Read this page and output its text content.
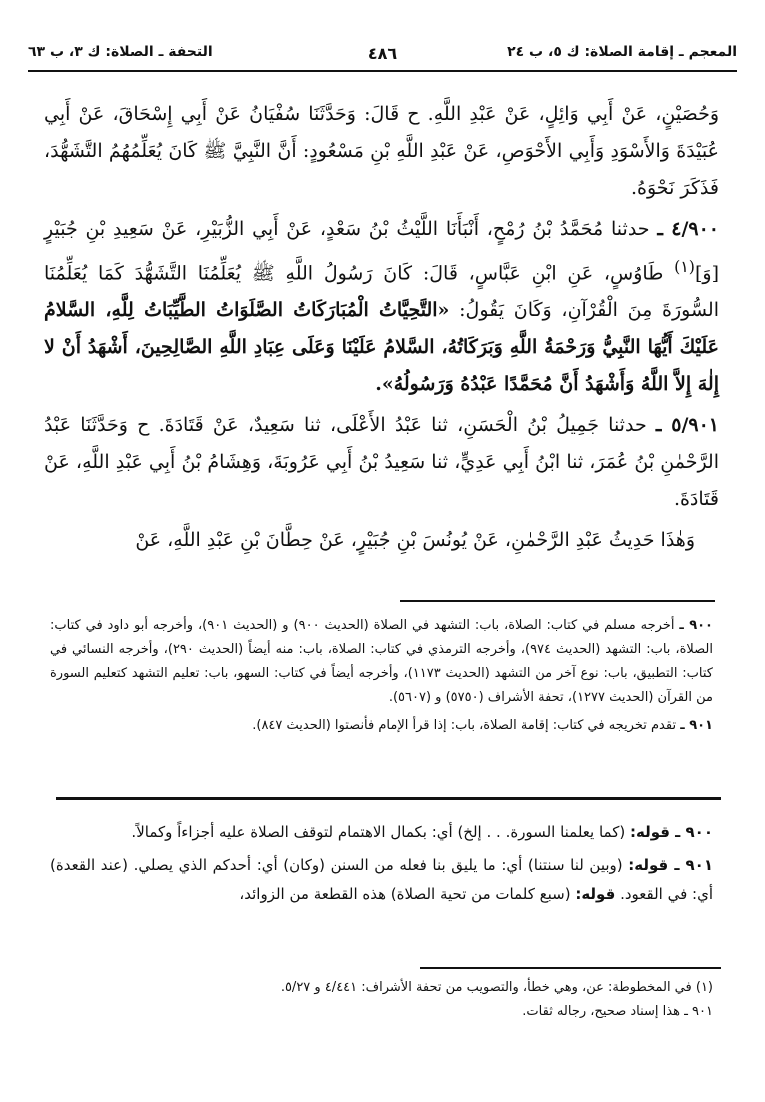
المعجم ـ إقامة الصلاة: ك ٥، ب ٢٤
٤٨٦
التحفة ـ الصلاة: ك ٣، ب ٦٣

وَحُصَيْنٍ، عَنْ أَبِي وَائِلٍ، عَنْ عَبْدِ اللَّهِ. ح قَالَ: وَحَدَّثَنَا سُفْيَانُ عَنْ أَبِي إِسْحَاقَ، عَنْ أَبِي عُبَيْدَةَ وَالأَسْوَدِ وَأَبِي الأَحْوَصِ، عَنْ عَبْدِ اللَّهِ بْنِ مَسْعُودٍ: أَنَّ النَّبِيَّ ﷺ كَانَ يُعَلِّمُهُمُ التَّشَهُّدَ، فَذَكَرَ نَحْوَهُ.

٤/٩٠٠ ـ حدثنا مُحَمَّدُ بْنُ رُمْحٍ، أَنْبَأَنَا اللَّيْثُ بْنُ سَعْدٍ، عَنْ أَبِي الزُّبَيْرِ، عَنْ سَعِيدِ بْنِ جُبَيْرٍ [وَ]$^{(١)}$ طَاوُسٍ، عَنِ ابْنِ عَبَّاسٍ، قَالَ: كَانَ رَسُولُ اللَّهِ ﷺ يُعَلِّمُنَا التَّشَهُّدَ كَمَا يُعَلِّمُنَا السُّورَةَ مِنَ الْقُرْآنِ، وَكَانَ يَقُولُ: «التَّحِيَّاتُ الْمُبَارَكَاتُ الصَّلَوَاتُ الطَّيِّبَاتُ لِلَّهِ، السَّلامُ عَلَيْكَ أَيُّهَا النَّبِيُّ وَرَحْمَةُ اللَّهِ وَبَرَكَاتُهُ، السَّلامُ عَلَيْنَا وَعَلَى عِبَادِ اللَّهِ الصَّالِحِينَ، أَشْهَدُ أَنْ لا إِلٰهَ إِلاَّ اللَّهُ وَأَشْهَدُ أَنَّ مُحَمَّدًا عَبْدُهُ وَرَسُولُهُ».

٥/٩٠١ ـ حدثنا جَمِيلُ بْنُ الْحَسَنِ، ثنا عَبْدُ الأَعْلَى، ثنا سَعِيدٌ، عَنْ قَتَادَةَ. ح وَحَدَّثَنَا عَبْدُ الرَّحْمٰنِ بْنُ عُمَرَ، ثنا ابْنُ أَبِي عَدِيٍّ، ثنا سَعِيدُ بْنُ أَبِي عَرُوبَةَ، وَهِشَامُ بْنُ أَبِي عَبْدِ اللَّهِ، عَنْ قَتَادَةَ.

وَهٰذَا حَدِيثُ عَبْدِ الرَّحْمٰنِ، عَنْ يُونُسَ بْنِ جُبَيْرٍ، عَنْ حِطَّانَ بْنِ عَبْدِ اللَّهِ، عَنْ

٩٠٠ ـ أخرجه مسلم في كتاب: الصلاة، باب: التشهد في الصلاة (الحديث ٩٠٠) و (الحديث ٩٠١)، وأخرجه أبو داود في كتاب: الصلاة، باب: التشهد (الحديث ٩٧٤)، وأخرجه الترمذي في كتاب: الصلاة، باب: منه أيضاً (الحديث ٢٩٠)، وأخرجه النسائي في كتاب: التطبيق، باب: نوع آخر من التشهد (الحديث ١١٧٣)، وأخرجه أيضاً في كتاب: السهو، باب: تعليم التشهد كتعليم السورة من القرآن (الحديث ١٢٧٧)، تحفة الأشراف (٥٧٥٠) و (٥٦٠٧).

٩٠١ ـ تقدم تخريجه في كتاب: إقامة الصلاة، باب: إذا قرأ الإمام فأنصتوا (الحديث ٨٤٧).

٩٠٠ ـ قوله: (كما يعلمنا السورة. . . إلخ) أي: بكمال الاهتمام لتوقف الصلاة عليه أجزاءاً وكمالاً.

٩٠١ ـ قوله: (وبين لنا سنتنا) أي: ما يليق بنا فعله من السنن (وكان) أي: أحدكم الذي يصلي. (عند القعدة) أي: في القعود. قوله: (سبع كلمات من تحية الصلاة) هذه القطعة من الزوائد،

(١) في المخطوطة: عن، وهي خطأ، والتصويب من تحفة الأشراف: ٤/٤٤١ و ٥/٢٧.

٩٠١ ـ هذا إسناد صحيح، رجاله ثقات.
